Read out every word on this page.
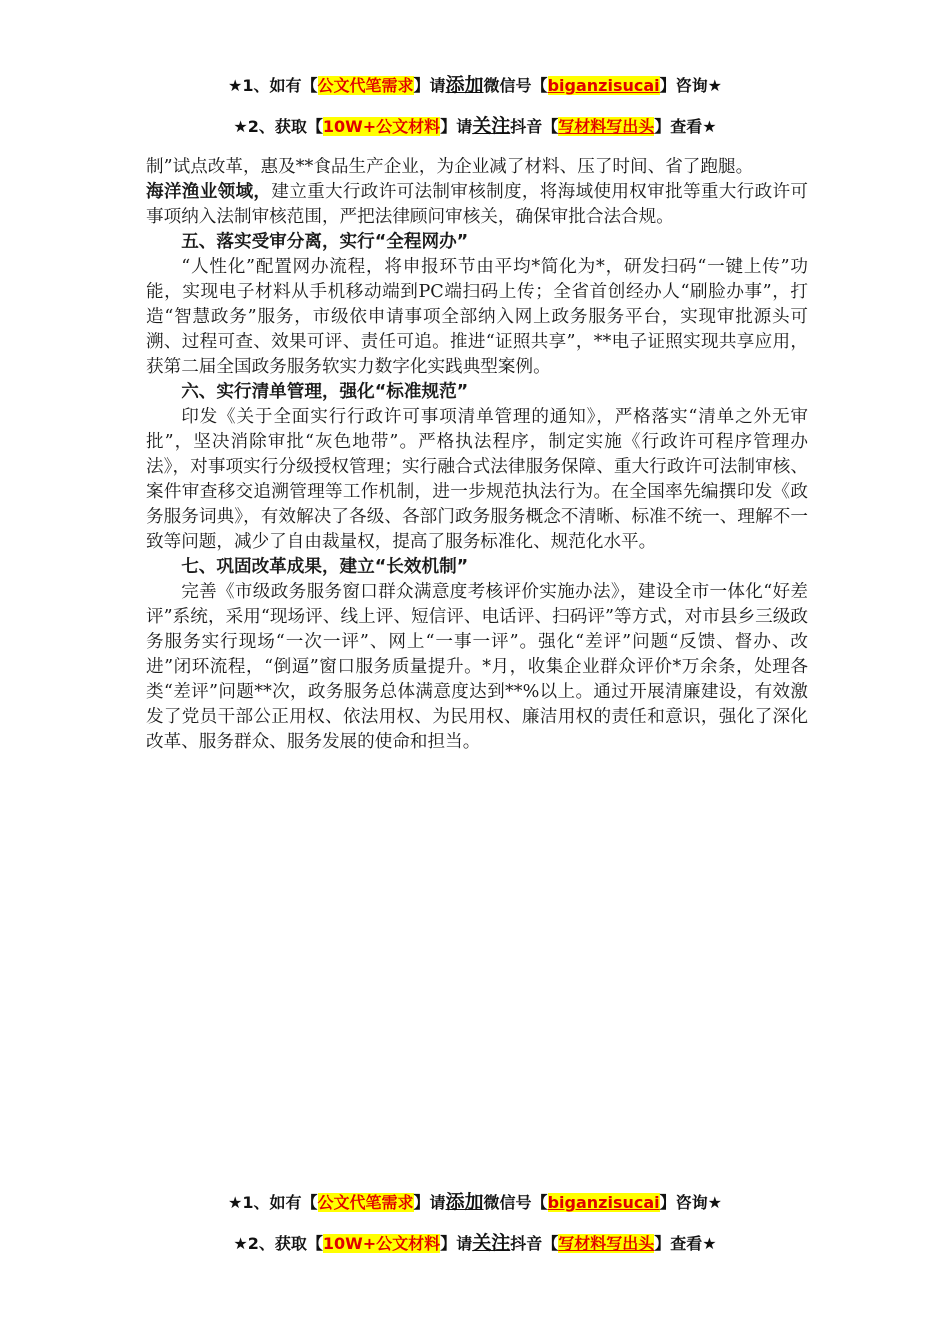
★1、如有【公文代笔需求】请添加微信号【biganzisucai】咨询★
★2、获取【10W+公文材料】请关注抖音【写材料写出头】查看★

制”试点改革，惠及**食品生产企业，为企业减了材料、压了时间、省了跑腿。

海洋渔业领域，建立重大行政许可法制审核制度，将海域使用权审批等重大行政许可事项纳入法制审核范围，严把法律顾问审核关，确保审批合法合规。

五、落实受审分离，实行“全程网办”

“人性化”配置网办流程，将申报环节由平均*简化为*，研发扫码“一键上传”功能，实现电子材料从手机移动端到PC端扫码上传；全省首创经办人“刷脸办事”，打造“智慧政务”服务，市级依申请事项全部纳入网上政务服务平台，实现审批源头可溯、过程可查、效果可评、责任可追。推进“证照共享”，**电子证照实现共享应用，获第二届全国政务服务软实力数字化实践典型案例。

六、实行清单管理，强化“标准规范”

印发《关于全面实行行政许可事项清单管理的通知》，严格落实“清单之外无审批”，坚决消除审批“灰色地带”。严格执法程序，制定实施《行政许可程序管理办法》，对事项实行分级授权管理；实行融合式法律服务保障、重大行政许可法制审核、案件审查移交追溯管理等工作机制，进一步规范执法行为。在全国率先编撰印发《政务服务词典》，有效解决了各级、各部门政务服务概念不清晰、标准不统一、理解不一致等问题，减少了自由裁量权，提高了服务标准化、规范化水平。

七、巩固改革成果，建立“长效机制”

完善《市级政务服务窗口群众满意度考核评价实施办法》，建设全市一体化“好差评”系统，采用“现场评、线上评、短信评、电话评、扫码评”等方式，对市县乡三级政务服务实行现场“一次一评”、网上“一事一评”。强化“差评”问题“反馈、督办、改进”闭环流程，“倒逼”窗口服务质量提升。*月，收集企业群众评价*万余条，处理各类“差评”问题**次，政务服务总体满意度达到**%以上。通过开展清廉建设，有效激发了党员干部公正用权、依法用权、为民用权、廉洁用权的责任和意识，强化了深化改革、服务群众、服务发展的使命和担当。

★1、如有【公文代笔需求】请添加微信号【biganzisucai】咨询★
★2、获取【10W+公文材料】请关注抖音【写材料写出头】查看★
